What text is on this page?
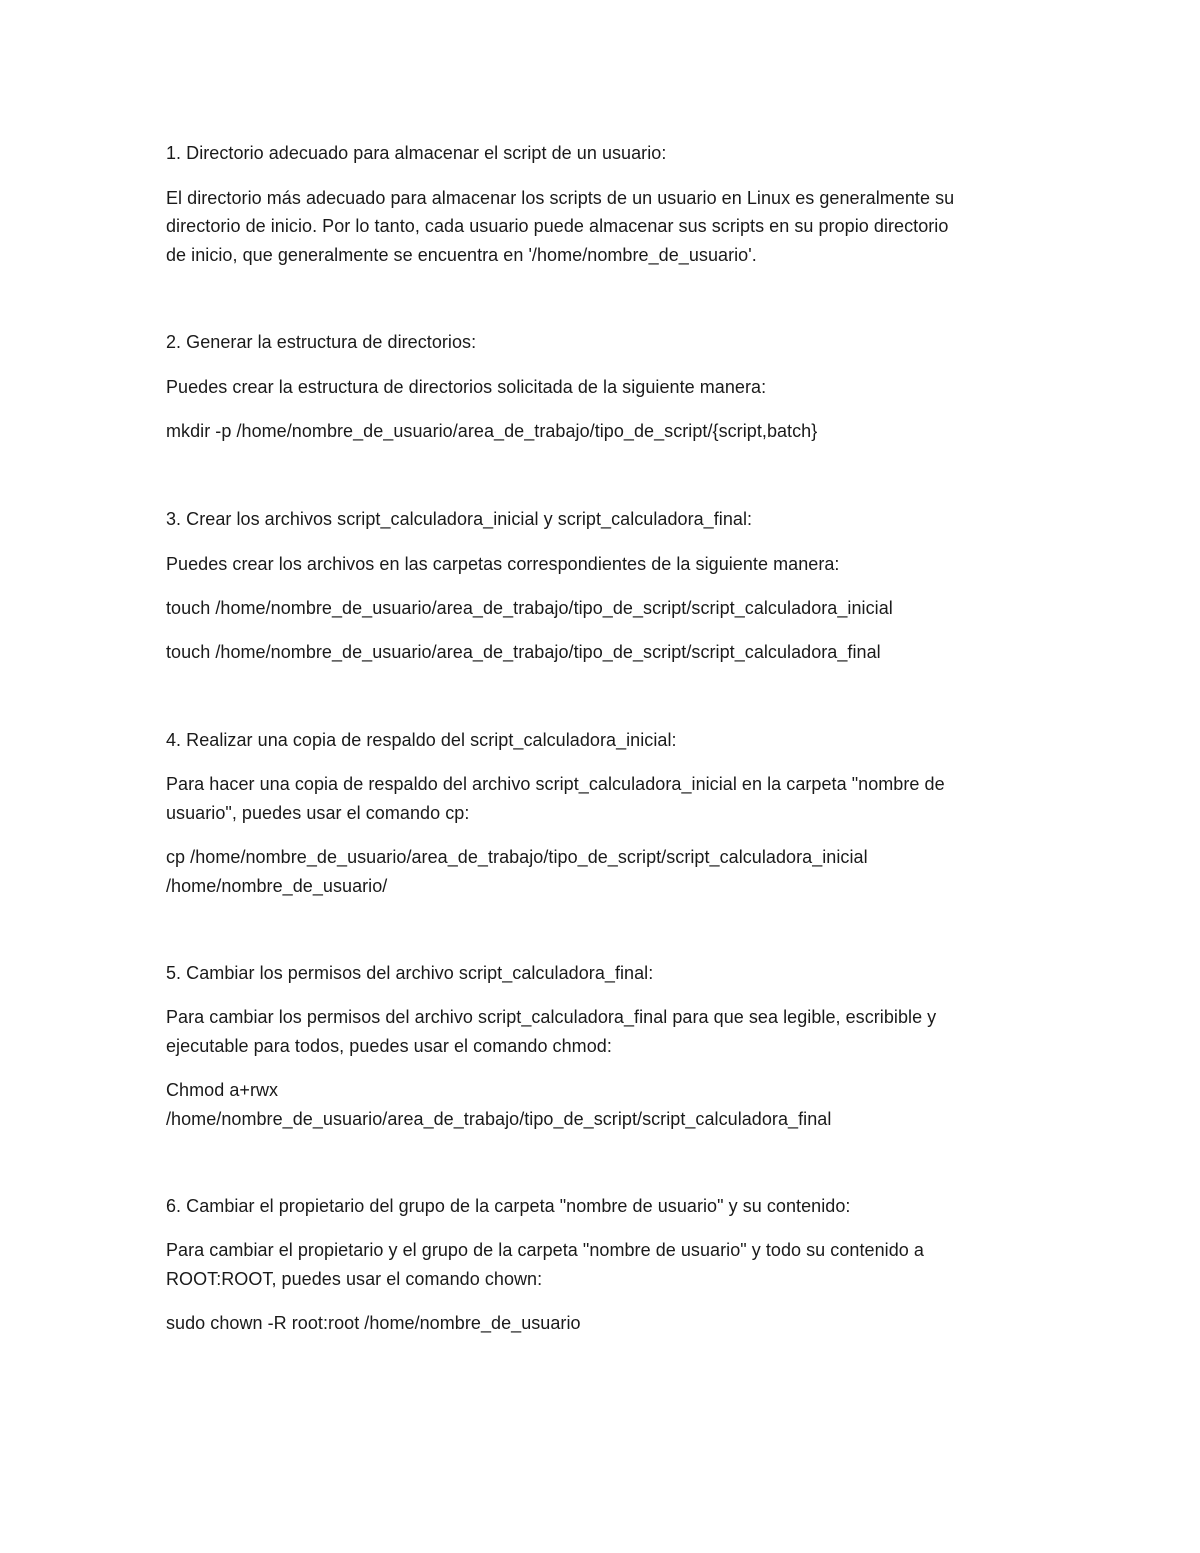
1. Directorio adecuado para almacenar el script de un usuario:
El directorio más adecuado para almacenar los scripts de un usuario en Linux es generalmente su
directorio de inicio. Por lo tanto, cada usuario puede almacenar sus scripts en su propio directorio
de inicio, que generalmente se encuentra en '/home/nombre_de_usuario'.
2. Generar la estructura de directorios:
Puedes crear la estructura de directorios solicitada de la siguiente manera:
mkdir -p /home/nombre_de_usuario/area_de_trabajo/tipo_de_script/{script,batch}
3. Crear los archivos script_calculadora_inicial y script_calculadora_final:
Puedes crear los archivos en las carpetas correspondientes de la siguiente manera:
touch /home/nombre_de_usuario/area_de_trabajo/tipo_de_script/script_calculadora_inicial
touch /home/nombre_de_usuario/area_de_trabajo/tipo_de_script/script_calculadora_final
4. Realizar una copia de respaldo del script_calculadora_inicial:
Para hacer una copia de respaldo del archivo script_calculadora_inicial en la carpeta "nombre de
usuario", puedes usar el comando cp:
cp /home/nombre_de_usuario/area_de_trabajo/tipo_de_script/script_calculadora_inicial
/home/nombre_de_usuario/
5. Cambiar los permisos del archivo script_calculadora_final:
Para cambiar los permisos del archivo script_calculadora_final para que sea legible, escribible y
ejecutable para todos, puedes usar el comando chmod:
Chmod a+rwx
/home/nombre_de_usuario/area_de_trabajo/tipo_de_script/script_calculadora_final
6. Cambiar el propietario del grupo de la carpeta "nombre de usuario" y su contenido:
Para cambiar el propietario y el grupo de la carpeta "nombre de usuario" y todo su contenido a
ROOT:ROOT, puedes usar el comando chown:
sudo chown -R root:root /home/nombre_de_usuario
